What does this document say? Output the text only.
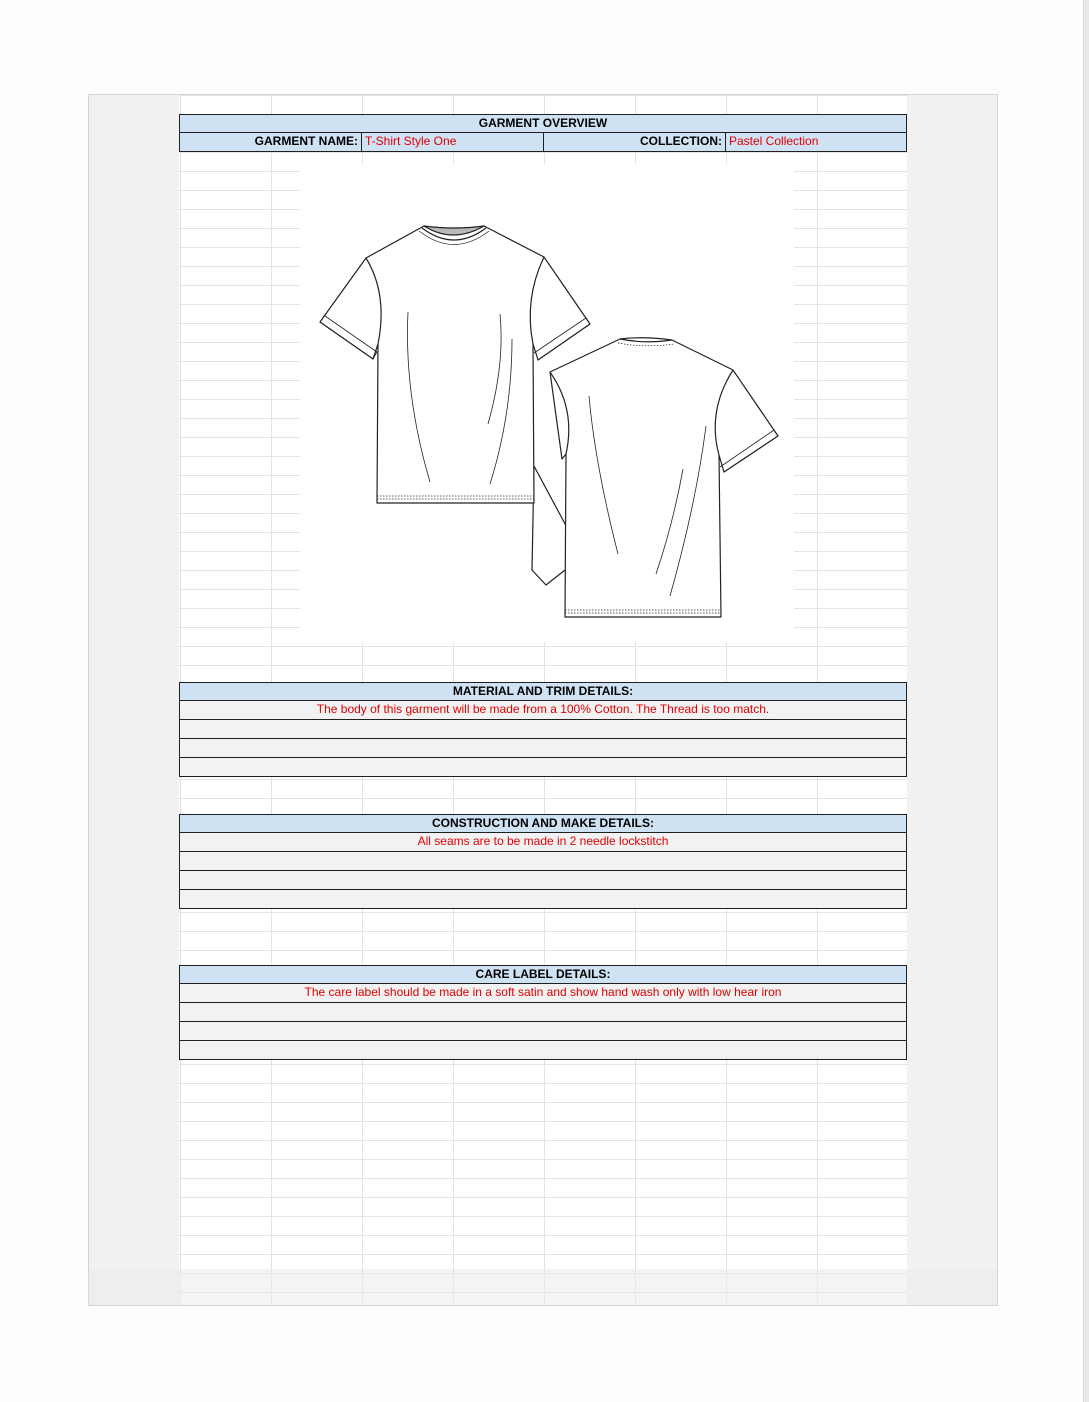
GARMENT OVERVIEW
GARMENT NAME: T-Shirt Style One	COLLECTION: Pastel Collection
MATERIAL AND TRIM DETAILS:
The body of this garment will be made from a 100% Cotton. The Thread is too match.
CONSTRUCTION AND MAKE DETAILS:
All seams are to be made in 2 needle lockstitch
CARE LABEL DETAILS:
The care label should be made in a soft satin and show hand wash only with low hear iron
